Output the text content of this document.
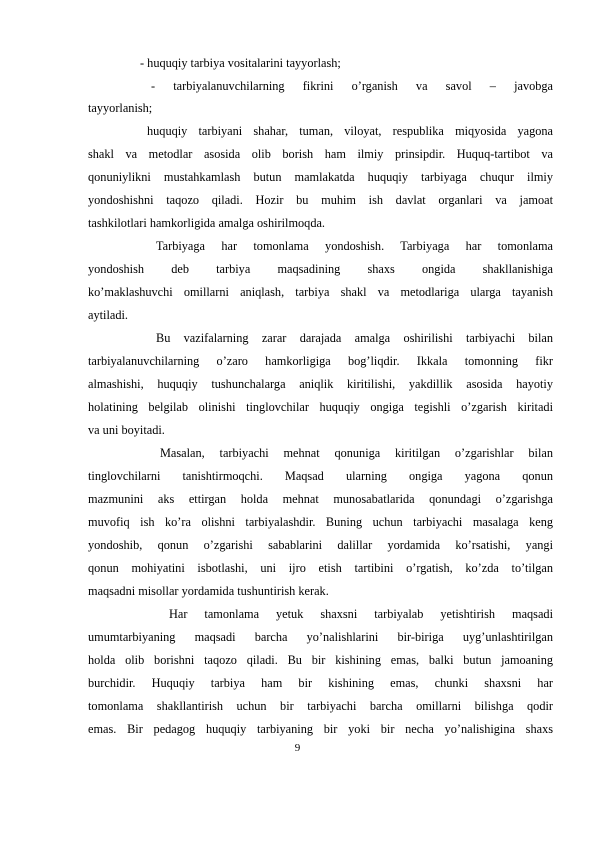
- huquqiy tarbiya vositalarini tayyorlash;
- tarbiyalanuvchilarning fikrini o’rganish va savol – javobga
tayyorlanish;
huquqiy tarbiyani shahar, tuman, viloyat, respublika miqyosida yagona
shakl va metodlar asosida olib borish ham ilmiy prinsipdir. Huquq-tartibot va
qonuniylikni mustahkamlash butun mamlakatda huquqiy tarbiyaga chuqur ilmiy
yondoshishni taqozo qiladi. Hozir bu muhim ish davlat organlari va jamoat
tashkilotlari hamkorligida amalga oshirilmoqda.
Tarbiyaga har tomonlama yondoshish. Tarbiyaga har tomonlama
yondoshish deb tarbiya maqsadining shaxs ongida shakllanishiga
ko’maklashuvchi omillarni aniqlash, tarbiya shakl va metodlariga ularga tayanish
aytiladi.
Bu vazifalarning zarar darajada amalga oshirilishi tarbiyachi bilan
tarbiyalanuvchilarning o’zaro hamkorligiga bog’liqdir. Ikkala tomonning fikr
almashishi, huquqiy tushunchalarga aniqlik kiritilishi, yakdillik asosida hayotiy
holatining belgilab olinishi tinglovchilar huquqiy ongiga tegishli o’zgarish kiritadi
va uni boyitadi.
Masalan, tarbiyachi mehnat qonuniga kiritilgan o’zgarishlar bilan
tinglovchilarni tanishtirmoqchi. Maqsad ularning ongiga yagona qonun
mazmunini aks ettirgan holda mehnat munosabatlarida qonundagi o’zgarishga
muvofiq ish ko’ra olishni tarbiyalashdir. Buning uchun tarbiyachi masalaga keng
yondoshib, qonun o’zgarishi sabablarini dalillar yordamida ko’rsatishi, yangi
qonun mohiyatini isbotlashi, uni ijro etish tartibini o’rgatish, ko’zda to’tilgan
maqsadni misollar yordamida tushuntirish kerak.
Har tamonlama yetuk shaxsni tarbiyalab yetishtirish maqsadi
umumtarbiyaning maqsadi barcha yo’nalishlarini bir-biriga uyg’unlashtirilgan
holda olib borishni taqozo qiladi. Bu bir kishining emas, balki butun jamoaning
burchidir. Huquqiy tarbiya ham bir kishining emas, chunki shaxsni har
tomonlama shakllantirish uchun bir tarbiyachi barcha omillarni bilishga qodir
emas. Bir pedagog huquqiy tarbiyaning bir yoki bir necha yo’nalishigina shaxs
9
